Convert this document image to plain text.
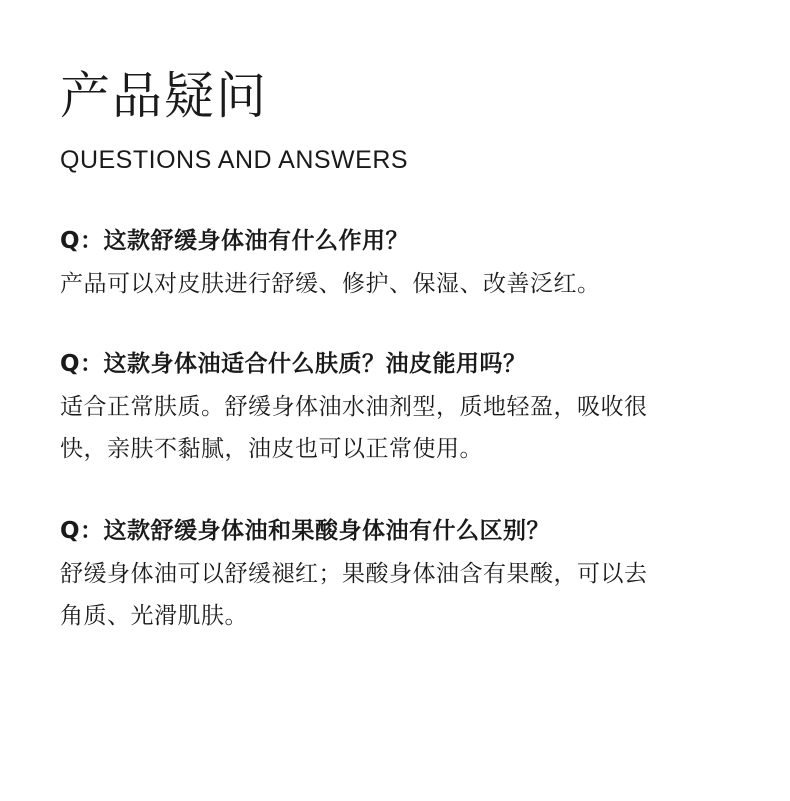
产品疑问

QUESTIONS AND ANSWERS

Q：这款舒缓身体油有什么作用？

产品可以对皮肤进行舒缓、修护、保湿、改善泛红。

Q：这款身体油适合什么肤质？油皮能用吗？

适合正常肤质。舒缓身体油水油剂型，质地轻盈，吸收很
快，亲肤不黏腻，油皮也可以正常使用。

Q：这款舒缓身体油和果酸身体油有什么区别？

舒缓身体油可以舒缓褪红；果酸身体油含有果酸，可以去
角质、光滑肌肤。
